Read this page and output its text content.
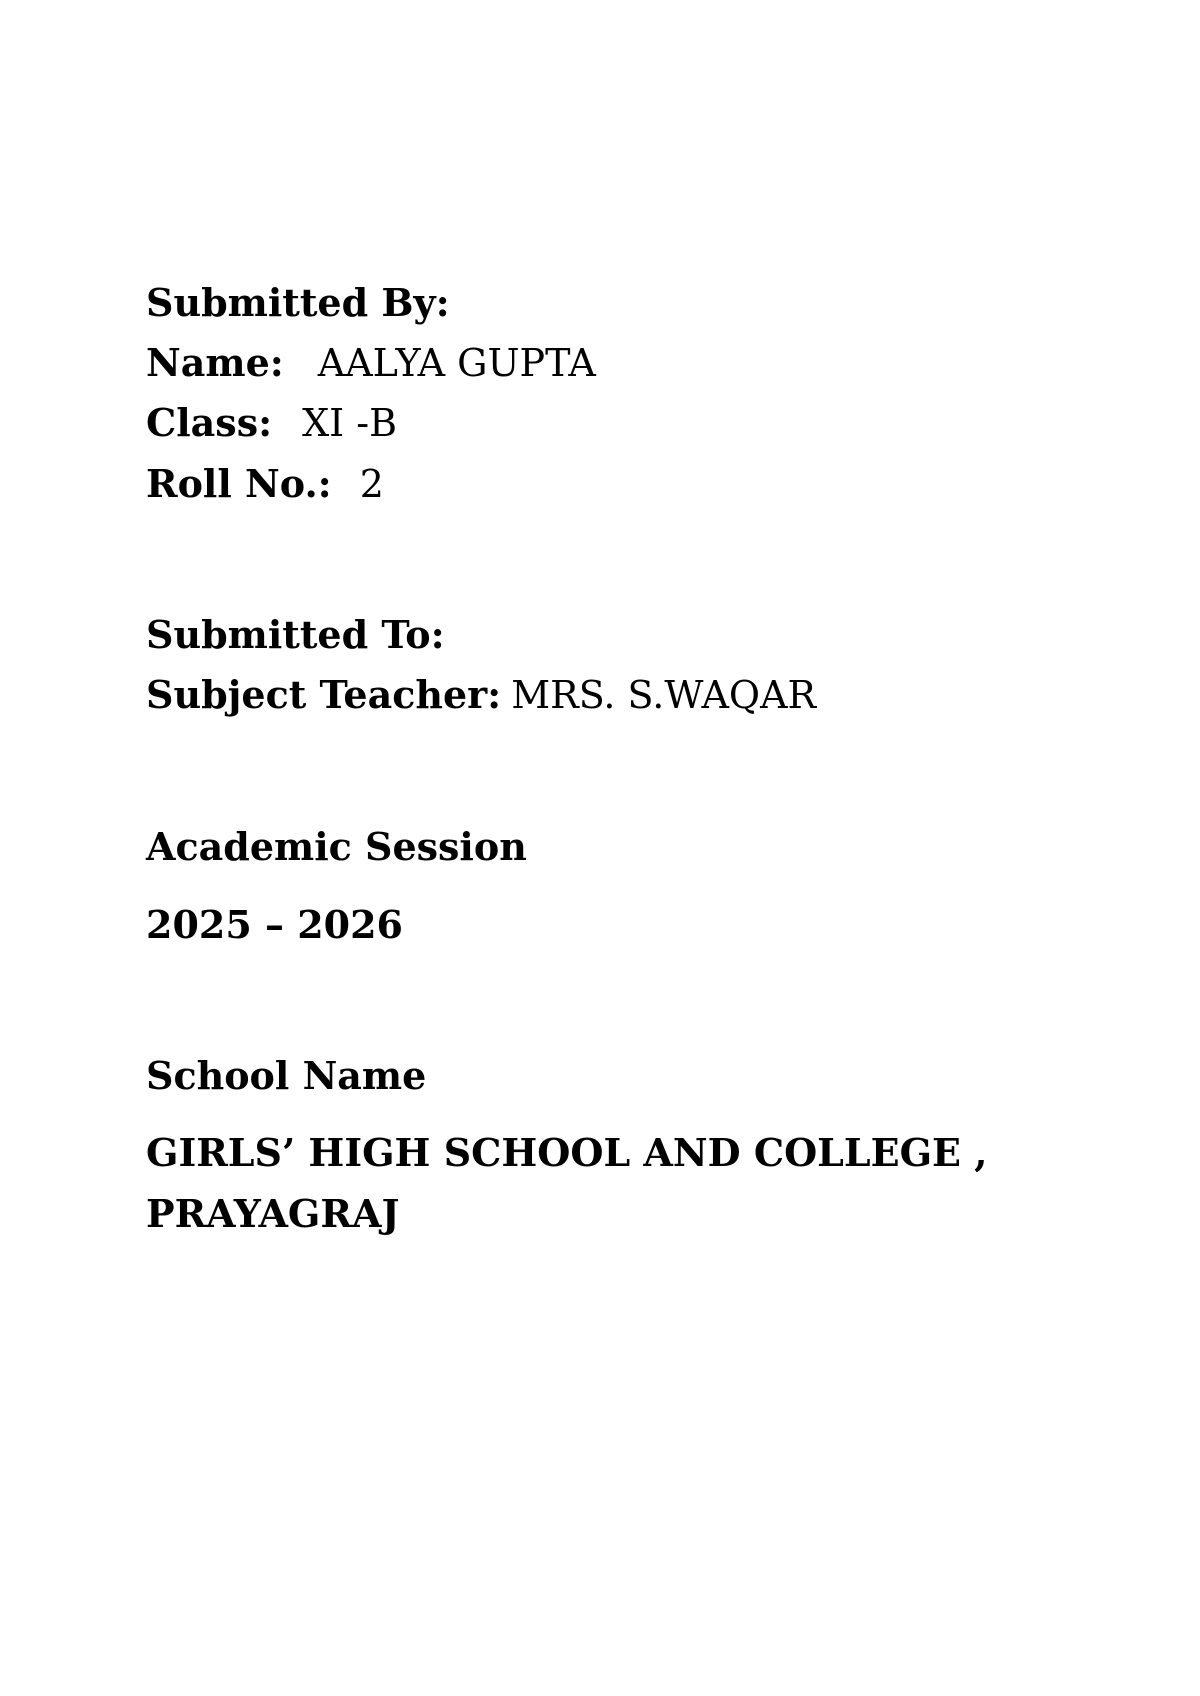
Submitted By:
Name: AALYA GUPTA
Class: XI -B
Roll No.: 2
Submitted To:
Subject Teacher: MRS. S.WAQAR
Academic Session
2025 – 2026
School Name
GIRLS’ HIGH SCHOOL AND COLLEGE ,
PRAYAGRAJ
